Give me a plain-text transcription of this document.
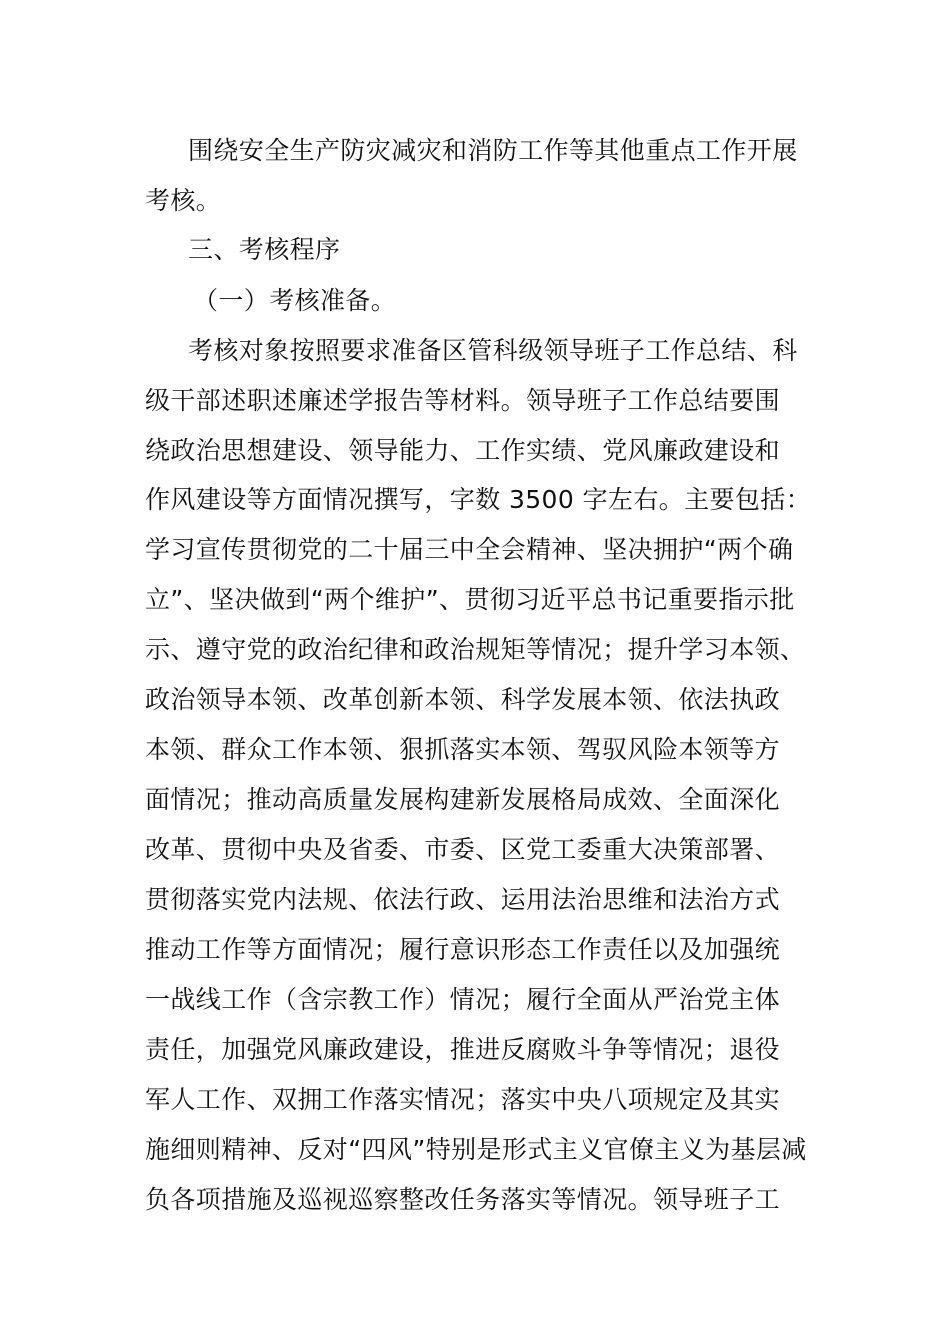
围绕安全生产防灾减灾和消防工作等其他重点工作开展
考核。
三、考核程序
（一）考核准备。
考核对象按照要求准备区管科级领导班子工作总结、科
级干部述职述廉述学报告等材料。领导班子工作总结要围
绕政治思想建设、领导能力、工作实绩、党风廉政建设和
作风建设等方面情况撰写，字数 3500 字左右。主要包括：
学习宣传贯彻党的二十届三中全会精神、坚决拥护“两个确
立”、坚决做到“两个维护”、贯彻习近平总书记重要指示批
示、遵守党的政治纪律和政治规矩等情况；提升学习本领、
政治领导本领、改革创新本领、科学发展本领、依法执政
本领、群众工作本领、狠抓落实本领、驾驭风险本领等方
面情况；推动高质量发展构建新发展格局成效、全面深化
改革、贯彻中央及省委、市委、区党工委重大决策部署、
贯彻落实党内法规、依法行政、运用法治思维和法治方式
推动工作等方面情况；履行意识形态工作责任以及加强统
一战线工作（含宗教工作）情况；履行全面从严治党主体
责任，加强党风廉政建设，推进反腐败斗争等情况；退役
军人工作、双拥工作落实情况；落实中央八项规定及其实
施细则精神、反对“四风”特别是形式主义官僚主义为基层减
负各项措施及巡视巡察整改任务落实等情况。领导班子工
